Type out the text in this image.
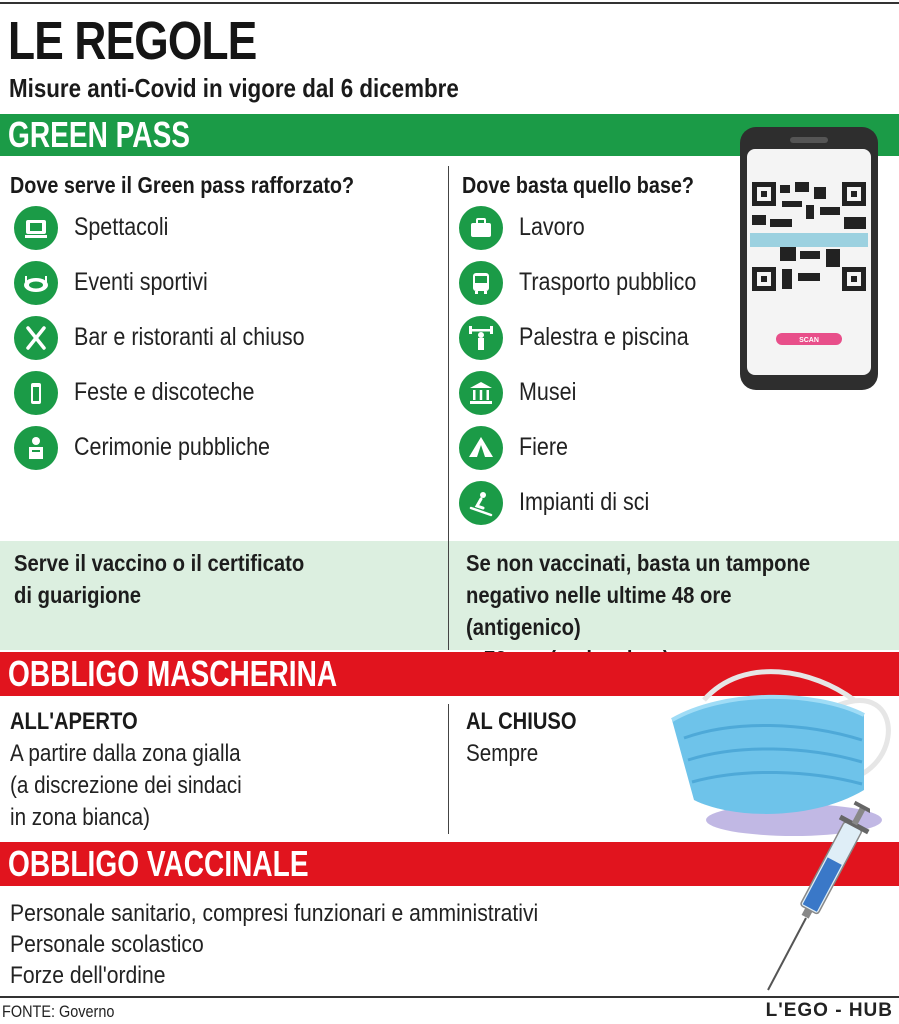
LE REGOLE
Misure anti-Covid in vigore dal 6 dicembre
GREEN PASS
Dove serve il Green pass rafforzato?	Dove basta quello base?
Spettacoli
Eventi sportivi
Bar e ristoranti al chiuso
Feste e discoteche
Cerimonie pubbliche
Lavoro
Trasporto pubblico
Palestra e piscina
Musei
Fiere
Impianti di sci
SCAN
Serve il vaccino o il certificato
di guarigione
Se non vaccinati, basta un tampone
negativo nelle ultime 48 ore (antigenico)
OBBLIGO MASCHERINA
ALL'APERTO
A partire dalla zona gialla
(a discrezione dei sindaci
in zona bianca)
AL CHIUSO
Sempre
OBBLIGO VACCINALE
Personale sanitario, compresi funzionari e amministrativi
Personale scolastico
Forze dell'ordine
FONTE: Governo	L'EGO - HUB
